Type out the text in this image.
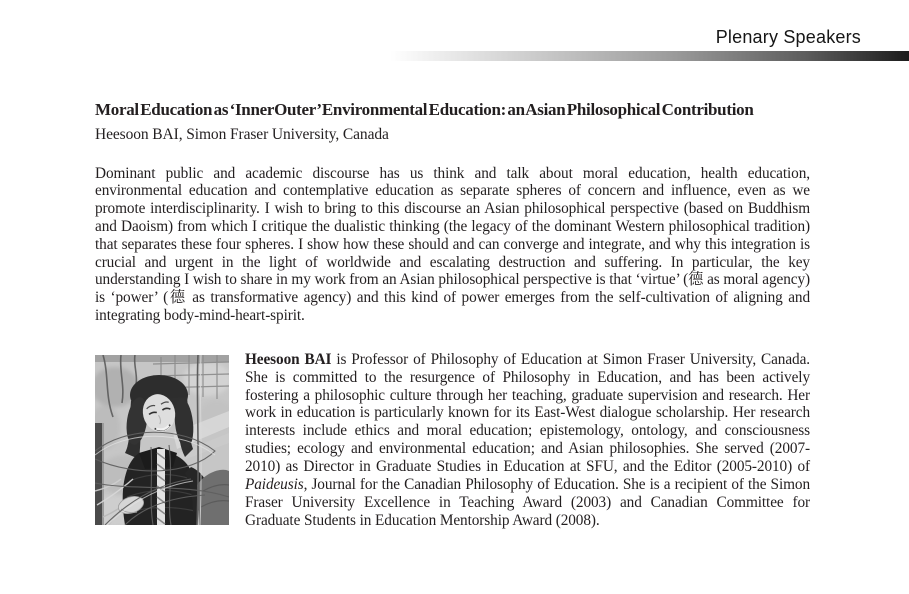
Plenary Speakers
Moral Education as ‘InnerOuter’ Environmental Education: an Asian Philosophical Contribution
Heesoon BAI, Simon Fraser University, Canada

Dominant public and academic discourse has us think and talk about moral education, health education, environmental education and contemplative education as separate spheres of concern and influence, even as we promote interdisciplinarity. I wish to bring to this discourse an Asian philosophical perspective (based on Buddhism and Daoism) from which I critique the dualistic thinking (the legacy of the dominant Western philosophical tradition) that separates these four spheres. I show how these should and can converge and integrate, and why this integration is crucial and urgent in the light of worldwide and escalating destruction and suffering. In particular, the key understanding I wish to share in my work from an Asian philosophical perspective is that ‘virtue’ (德 as moral agency) is ‘power’ (德 as transformative agency) and this kind of power emerges from the self-cultivation of aligning and integrating body-mind-heart-spirit.

Heesoon BAI is Professor of Philosophy of Education at Simon Fraser University, Canada. She is committed to the resurgence of Philosophy in Education, and has been actively fostering a philosophic culture through her teaching, graduate supervision and research. Her work in education is particularly known for its East-West dialogue scholarship. Her research interests include ethics and moral education; epistemology, ontology, and consciousness studies; ecology and environmental education; and Asian philosophies. She served (2007-2010) as Director in Graduate Studies in Education at SFU, and the Editor (2005-2010) of Paideusis, Journal for the Canadian Philosophy of Education. She is a recipient of the Simon Fraser University Excellence in Teaching Award (2003) and Canadian Committee for Graduate Students in Education Mentorship Award (2008).
